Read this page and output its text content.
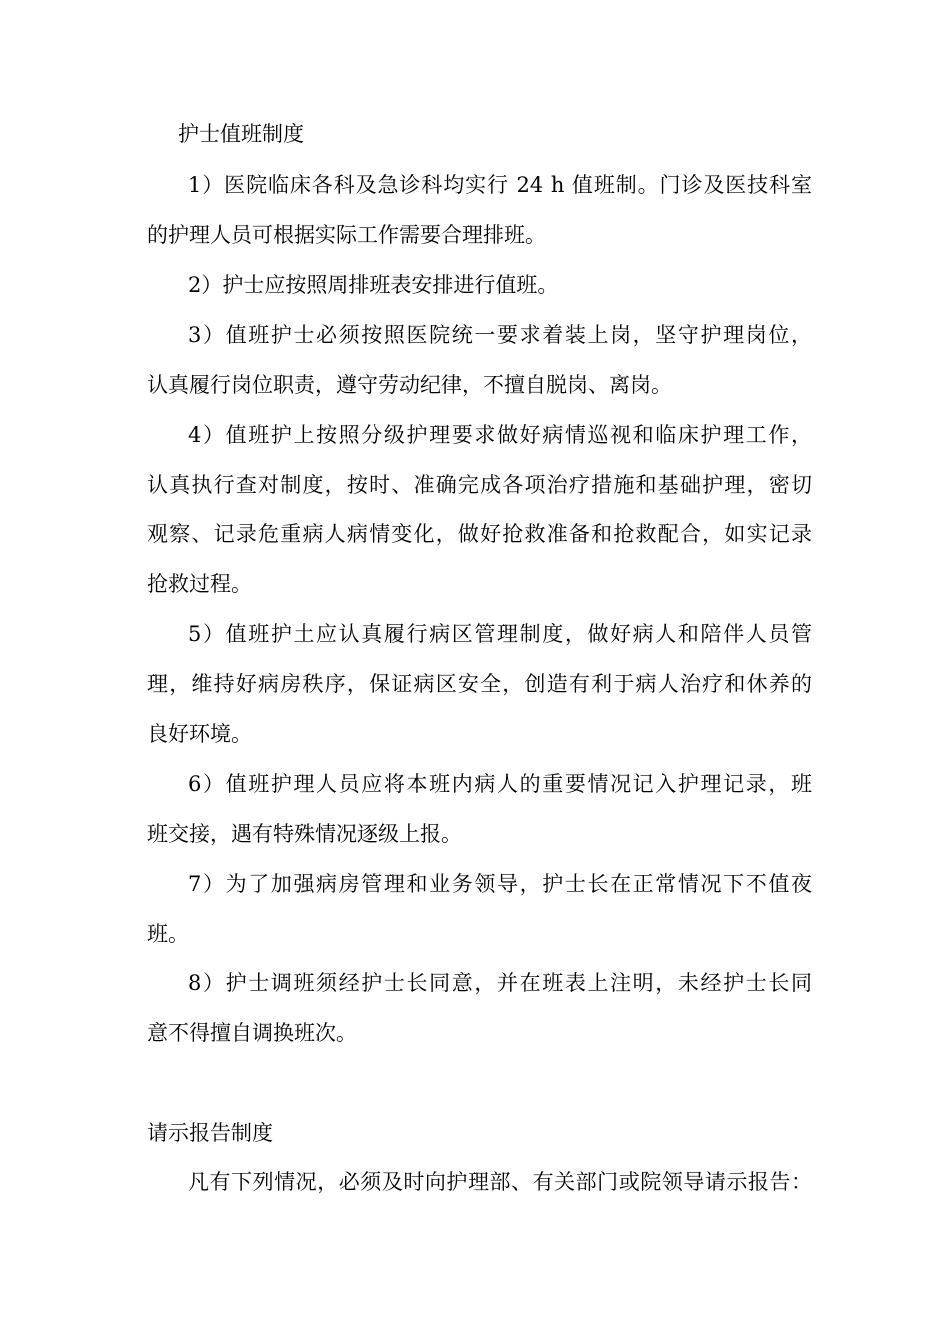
护士值班制度
1）医院临床各科及急诊科均实行 24 h 值班制。门诊及医技科室
的护理人员可根据实际工作需要合理排班。
2）护士应按照周排班表安排进行值班。
3）值班护士必须按照医院统一要求着装上岗，坚守护理岗位，
认真履行岗位职责，遵守劳动纪律，不擅自脱岗、离岗。
4）值班护上按照分级护理要求做好病情巡视和临床护理工作，
认真执行查对制度，按时、准确完成各项治疗措施和基础护理，密切
观察、记录危重病人病情变化，做好抢救准备和抢救配合，如实记录
抢救过程。
5）值班护土应认真履行病区管理制度，做好病人和陪伴人员管
理，维持好病房秩序，保证病区安全，创造有利于病人治疗和休养的
良好环境。
6）值班护理人员应将本班内病人的重要情况记入护理记录，班
班交接，遇有特殊情况逐级上报。
7）为了加强病房管理和业务领导，护士长在正常情况下不值夜
班。
8）护士调班须经护士长同意，并在班表上注明，未经护士长同
意不得擅自调换班次。
请示报告制度
凡有下列情况，必须及时向护理部、有关部门或院领导请示报告：
